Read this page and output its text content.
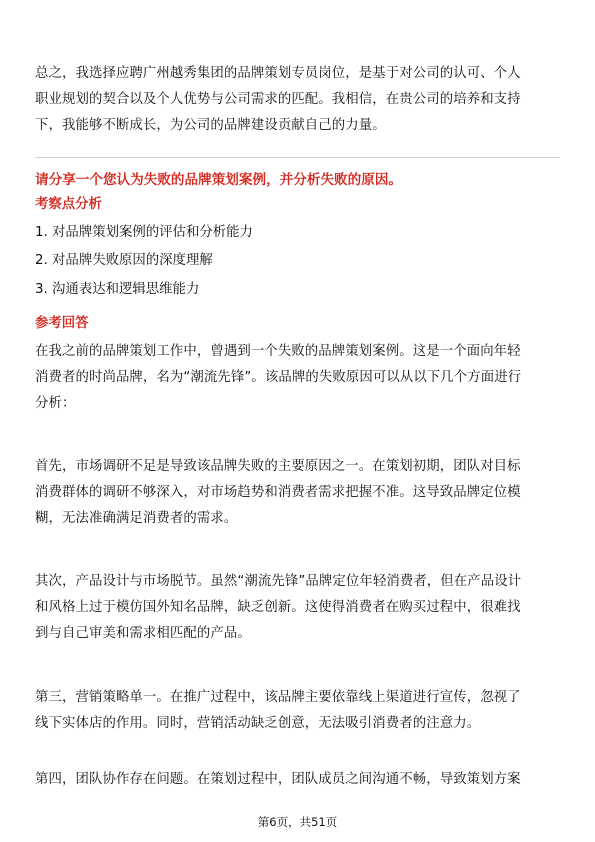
总之，我选择应聘广州越秀集团的品牌策划专员岗位，是基于对公司的认可、个人
职业规划的契合以及个人优势与公司需求的匹配。我相信，在贵公司的培养和支持
下，我能够不断成长，为公司的品牌建设贡献自己的力量。
请分享一个您认为失败的品牌策划案例，并分析失败的原因。
考察点分析
1. 对品牌策划案例的评估和分析能力
2. 对品牌失败原因的深度理解
3. 沟通表达和逻辑思维能力
参考回答
在我之前的品牌策划工作中，曾遇到一个失败的品牌策划案例。这是一个面向年轻
消费者的时尚品牌，名为“潮流先锋”。该品牌的失败原因可以从以下几个方面进行
分析：
首先，市场调研不足是导致该品牌失败的主要原因之一。在策划初期，团队对目标
消费群体的调研不够深入，对市场趋势和消费者需求把握不准。这导致品牌定位模
糊，无法准确满足消费者的需求。
其次，产品设计与市场脱节。虽然“潮流先锋”品牌定位年轻消费者，但在产品设计
和风格上过于模仿国外知名品牌，缺乏创新。这使得消费者在购买过程中，很难找
到与自己审美和需求相匹配的产品。
第三，营销策略单一。在推广过程中，该品牌主要依靠线上渠道进行宣传，忽视了
线下实体店的作用。同时，营销活动缺乏创意，无法吸引消费者的注意力。
第四，团队协作存在问题。在策划过程中，团队成员之间沟通不畅，导致策划方案
第6页，共51页
